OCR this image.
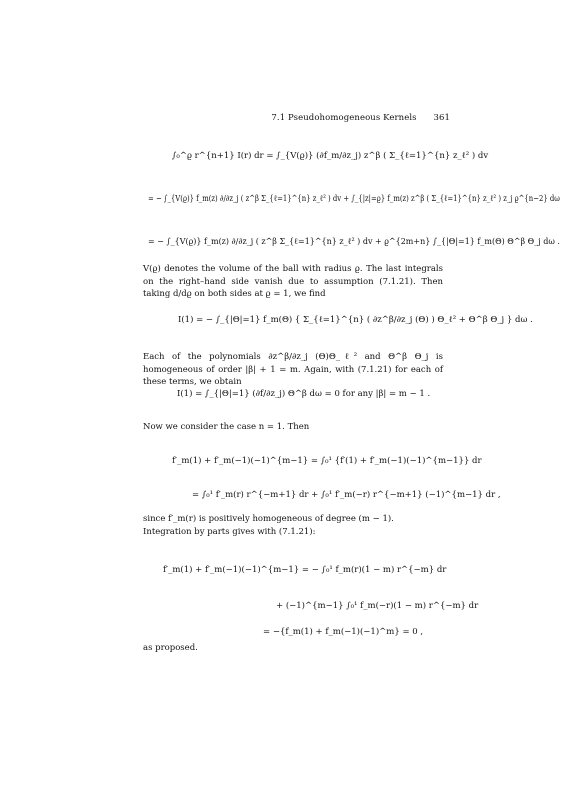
7.1 Pseudohomogeneous Kernels 361
∫₀^ϱ r^{n+1} I(r) dr = ∫_{V(ϱ)} (∂f_m/∂z_j) z^β ( Σ_{ℓ=1}^{n} z_ℓ² ) dv
= − ∫_{V(ϱ)} f_m(z) ∂/∂z_j ( z^β Σ_{ℓ=1}^{n} z_ℓ² ) dv + ∫_{|z|=ϱ} f_m(z) z^β ( Σ_{ℓ=1}^{n} z_ℓ² ) z_j ϱ^{n−2} dω
= − ∫_{V(ϱ)} f_m(z) ∂/∂z_j ( z^β Σ_{ℓ=1}^{n} z_ℓ² ) dv + ϱ^{2m+n} ∫_{|Θ|=1} f_m(Θ) Θ^β Θ_j dω .
V(ϱ) denotes the volume of the ball with radius ϱ. The last integrals on the right–hand side vanish due to assumption (7.1.21). Then taking d/dϱ on both sides at ϱ = 1, we find
I(1) = − ∫_{|Θ|=1} f_m(Θ) { Σ_{ℓ=1}^{n} ( ∂z^β/∂z_j (Θ) ) Θ_ℓ² + Θ^β Θ_j } dω .
Each of the polynomials ∂z^β/∂z_j (Θ)Θ_ℓ² and Θ^β Θ_j is homogeneous of order |β| + 1 = m. Again, with (7.1.21) for each of these terms, we obtain
I(1) = ∫_{|Θ|=1} (∂f/∂z_j) Θ^β dω = 0 for any |β| = m − 1 .
Now we consider the case n = 1. Then
f′_m(1) + f′_m(−1)(−1)^{m−1} = ∫₀¹ {f′(1) + f′_m(−1)(−1)^{m−1}} dr
= ∫₀¹ f′_m(r) r^{−m+1} dr + ∫₀¹ f′_m(−r) r^{−m+1} (−1)^{m−1} dr ,
since f′_m(r) is positively homogeneous of degree (m − 1).
Integration by parts gives with (7.1.21):
f′_m(1) + f′_m(−1)(−1)^{m−1} = − ∫₀¹ f_m(r)(1 − m) r^{−m} dr
+ (−1)^{m−1} ∫₀¹ f_m(−r)(1 − m) r^{−m} dr
= −{f_m(1) + f_m(−1)(−1)^m} = 0 ,
as proposed.
